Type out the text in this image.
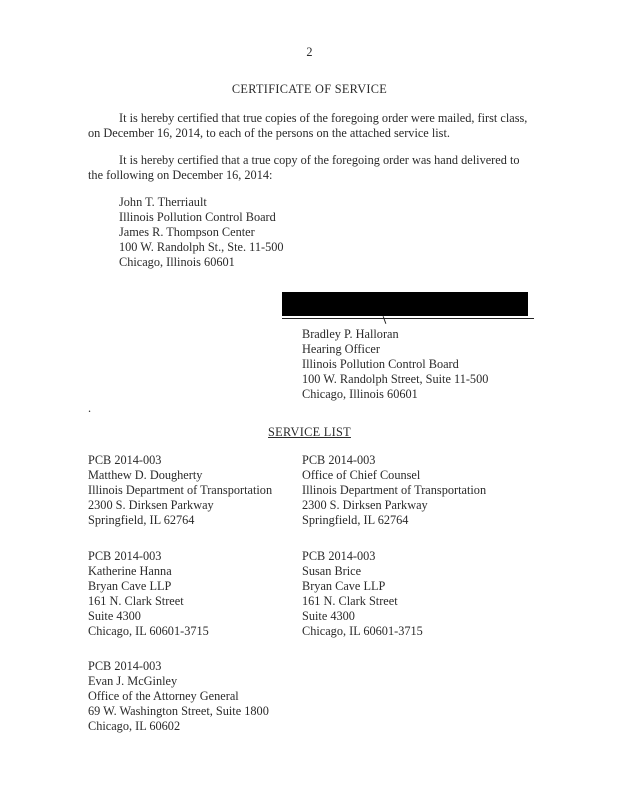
2
CERTIFICATE OF SERVICE
It is hereby certified that true copies of the foregoing order were mailed, first class, on December 16, 2014, to each of the persons on the attached service list.
It is hereby certified that a true copy of the foregoing order was hand delivered to the following on December 16, 2014:
John T. Therriault
Illinois Pollution Control Board
James R. Thompson Center
100 W. Randolph St., Ste. 11-500
Chicago, Illinois 60601
Bradley P. Halloran
Hearing Officer
Illinois Pollution Control Board
100 W. Randolph Street, Suite 11-500
Chicago, Illinois 60601
.
SERVICE LIST
PCB 2014-003
Matthew D. Dougherty
Illinois Department of Transportation
2300 S. Dirksen Parkway
Springfield, IL 62764
PCB 2014-003
Office of Chief Counsel
Illinois Department of Transportation
2300 S. Dirksen Parkway
Springfield, IL 62764
PCB 2014-003
Katherine Hanna
Bryan Cave LLP
161 N. Clark Street
Suite 4300
Chicago, IL 60601-3715
PCB 2014-003
Susan Brice
Bryan Cave LLP
161 N. Clark Street
Suite 4300
Chicago, IL 60601-3715
PCB 2014-003
Evan J. McGinley
Office of the Attorney General
69 W. Washington Street, Suite 1800
Chicago, IL 60602
